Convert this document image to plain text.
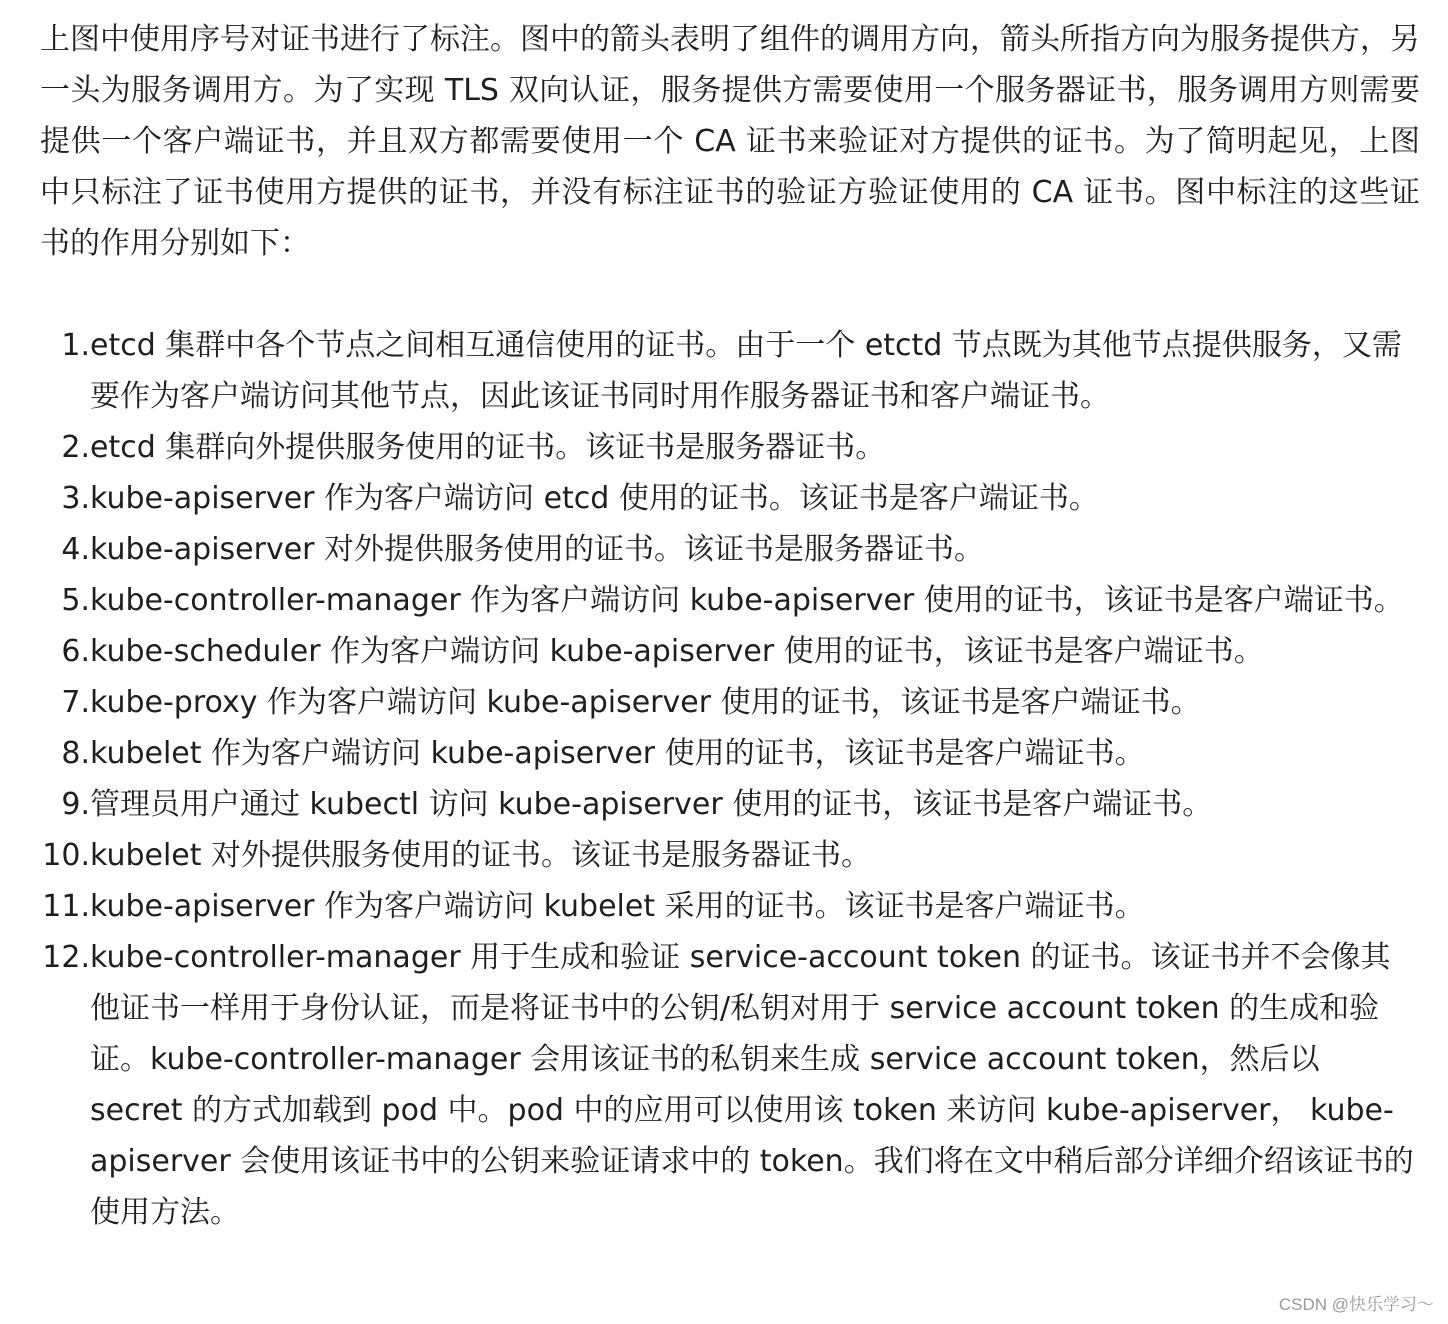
上图中使用序号对证书进行了标注。图中的箭头表明了组件的调用方向，箭头所指方向为服务提供方，另一头为服务调用方。为了实现 TLS 双向认证，服务提供方需要使用一个服务器证书，服务调用方则需要提供一个客户端证书，并且双方都需要使用一个 CA 证书来验证对方提供的证书。为了简明起见，上图中只标注了证书使用方提供的证书，并没有标注证书的验证方验证使用的 CA 证书。图中标注的这些证书的作用分别如下：

1. etcd 集群中各个节点之间相互通信使用的证书。由于一个 etctd 节点既为其他节点提供服务，又需要作为客户端访问其他节点，因此该证书同时用作服务器证书和客户端证书。
2. etcd 集群向外提供服务使用的证书。该证书是服务器证书。
3. kube-apiserver 作为客户端访问 etcd 使用的证书。该证书是客户端证书。
4. kube-apiserver 对外提供服务使用的证书。该证书是服务器证书。
5. kube-controller-manager 作为客户端访问 kube-apiserver 使用的证书，该证书是客户端证书。
6. kube-scheduler 作为客户端访问 kube-apiserver 使用的证书，该证书是客户端证书。
7. kube-proxy 作为客户端访问 kube-apiserver 使用的证书，该证书是客户端证书。
8. kubelet 作为客户端访问 kube-apiserver 使用的证书，该证书是客户端证书。
9. 管理员用户通过 kubectl 访问 kube-apiserver 使用的证书，该证书是客户端证书。
10. kubelet 对外提供服务使用的证书。该证书是服务器证书。
11. kube-apiserver 作为客户端访问 kubelet 采用的证书。该证书是客户端证书。
12. kube-controller-manager 用于生成和验证 service-account token 的证书。该证书并不会像其他证书一样用于身份认证，而是将证书中的公钥/私钥对用于 service account token 的生成和验证。kube-controller-manager 会用该证书的私钥来生成 service account token，然后以 secret 的方式加载到 pod 中。pod 中的应用可以使用该 token 来访问 kube-apiserver， kube-apiserver 会使用该证书中的公钥来验证请求中的 token。我们将在文中稍后部分详细介绍该证书的使用方法。
CSDN @快乐学习～
